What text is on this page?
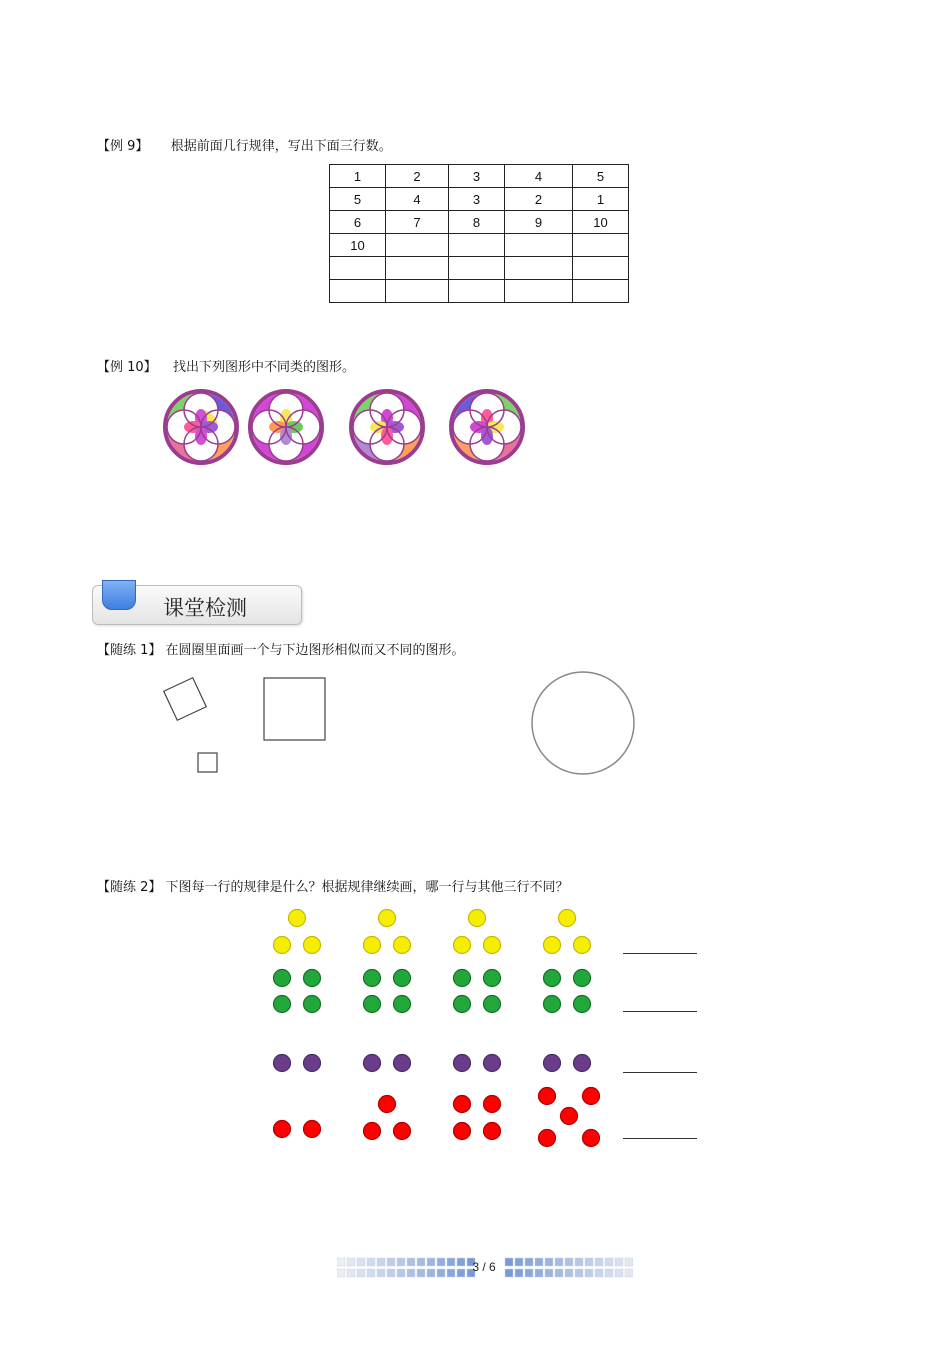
【例 9】 根据前面几行规律，写出下面三行数。
1	2	3	4	5
5	4	3	2	1
6	7	8	9	10
10				

【例 10】 找出下列图形中不同类的图形。
课堂检测
【随练 1】 在圆圈里面画一个与下边图形相似而又不同的图形。
【随练 2】 下图每一行的规律是什么？根据规律继续画，哪一行与其他三行不同？
3 / 6
